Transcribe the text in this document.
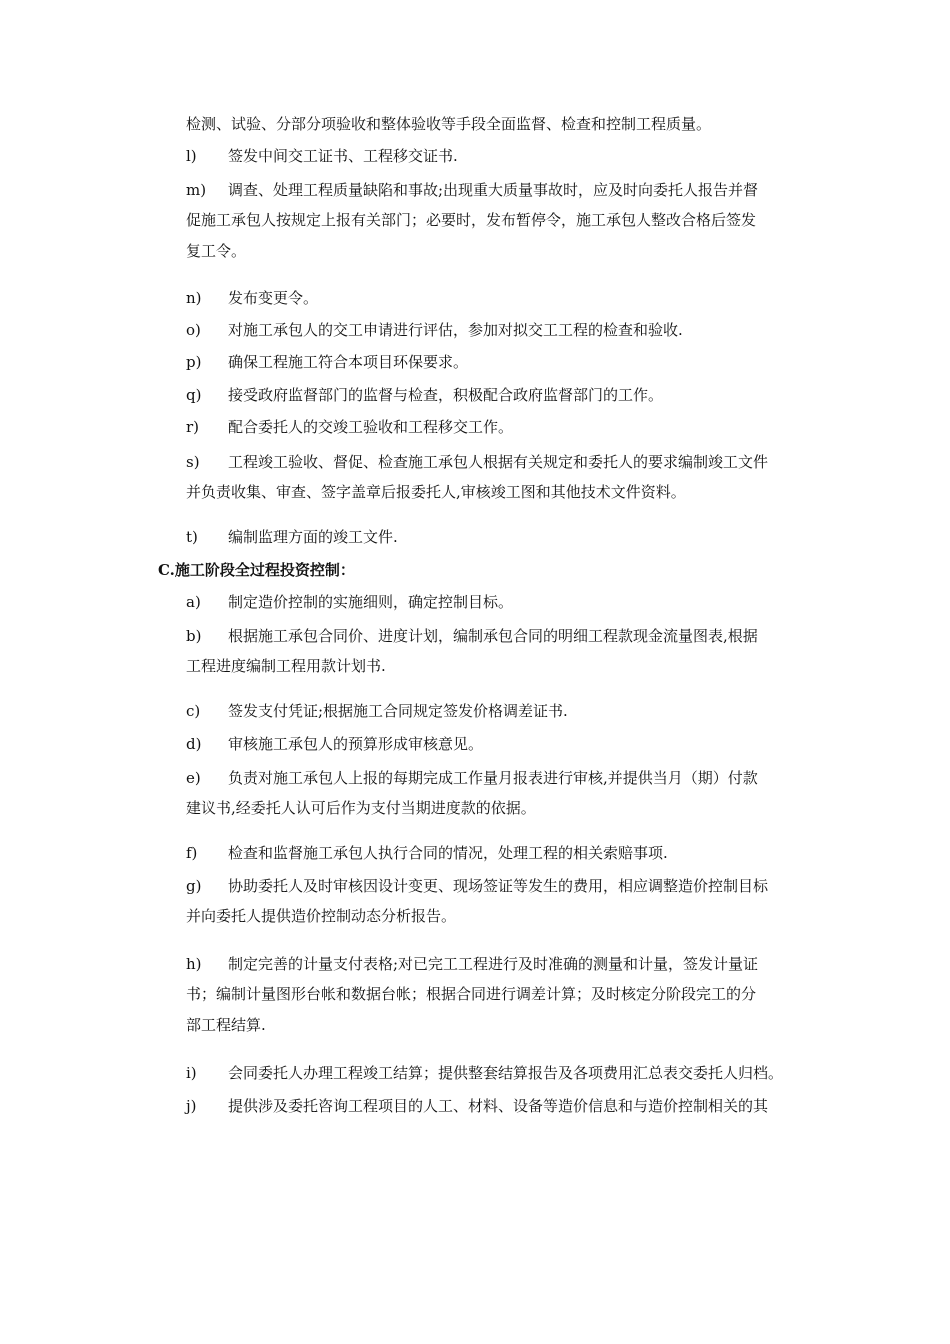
检测、试验、分部分项验收和整体验收等手段全面监督、检查和控制工程质量。
l) 签发中间交工证书、工程移交证书.
m) 调查、处理工程质量缺陷和事故;出现重大质量事故时，应及时向委托人报告并督
促施工承包人按规定上报有关部门；必要时，发布暂停令，施工承包人整改合格后签发
复工令。
n) 发布变更令。
o) 对施工承包人的交工申请进行评估，参加对拟交工工程的检查和验收.
p) 确保工程施工符合本项目环保要求。
q) 接受政府监督部门的监督与检查，积极配合政府监督部门的工作。
r) 配合委托人的交竣工验收和工程移交工作。
s) 工程竣工验收、督促、检查施工承包人根据有关规定和委托人的要求编制竣工文件
并负责收集、审查、签字盖章后报委托人,审核竣工图和其他技术文件资料。
t) 编制监理方面的竣工文件.
C.施工阶段全过程投资控制：
a) 制定造价控制的实施细则，确定控制目标。
b) 根据施工承包合同价、进度计划，编制承包合同的明细工程款现金流量图表,根据
工程进度编制工程用款计划书.
c) 签发支付凭证;根据施工合同规定签发价格调差证书.
d) 审核施工承包人的预算形成审核意见。
e) 负责对施工承包人上报的每期完成工作量月报表进行审核,并提供当月（期）付款
建议书,经委托人认可后作为支付当期进度款的依据。
f) 检查和监督施工承包人执行合同的情况，处理工程的相关索赔事项.
g) 协助委托人及时审核因设计变更、现场签证等发生的费用，相应调整造价控制目标
并向委托人提供造价控制动态分析报告。
h) 制定完善的计量支付表格;对已完工工程进行及时准确的测量和计量，签发计量证
书；编制计量图形台帐和数据台帐；根据合同进行调差计算；及时核定分阶段完工的分
部工程结算.
i) 会同委托人办理工程竣工结算；提供整套结算报告及各项费用汇总表交委托人归档。
j) 提供涉及委托咨询工程项目的人工、材料、设备等造价信息和与造价控制相关的其
